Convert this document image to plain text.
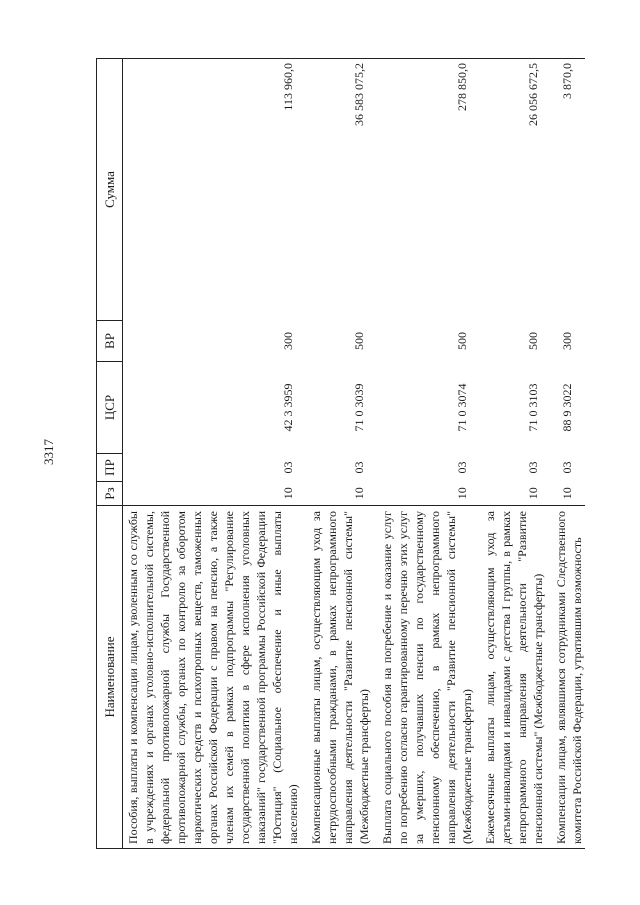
3317
Наименование	Рз	ПР	ЦСР	ВР	Сумма
Пособия, выплаты и компенсации лицам, уволенным со службы в учреждениях и органах уголовно-исполнительной системы, федеральной противопожарной службы Государственной противопожарной службы, органах по контролю за оборотом наркотических средств и психотропных веществ, таможенных органах Российской Федерации с правом на пенсию, а также членам их семей в рамках подпрограммы "Регулирование государственной политики в сфере исполнения уголовных наказаний" государственной программы Российской Федерации "Юстиция" (Социальное обеспечение и иные выплаты населению)	10	03	42 3 3959	300	113 960,0
Компенсационные выплаты лицам, осуществляющим уход за нетрудоспособными гражданами, в рамках непрограммного направления деятельности "Развитие пенсионной системы" (Межбюджетные трансферты)	10	03	71 0 3039	500	36 583 075,2
Выплата социального пособия на погребение и оказание услуг по погребению согласно гарантированному перечню этих услуг за умерших, получавших пенсии по государственному пенсионному обеспечению, в рамках непрограммного направления деятельности "Развитие пенсионной системы" (Межбюджетные трансферты)	10	03	71 0 3074	500	278 850,0
Ежемесячные выплаты лицам, осуществляющим уход за детьми-инвалидами и инвалидами с детства I группы, в рамках непрограммного направления деятельности "Развитие пенсионной системы" (Межбюджетные трансферты)	10	03	71 0 3103	500	26 056 672,5
Компенсации лицам, являвшимся сотрудниками Следственного комитета Российской Федерации, утратившим возможность	10	03	88 9 3022	300	3 870,0
